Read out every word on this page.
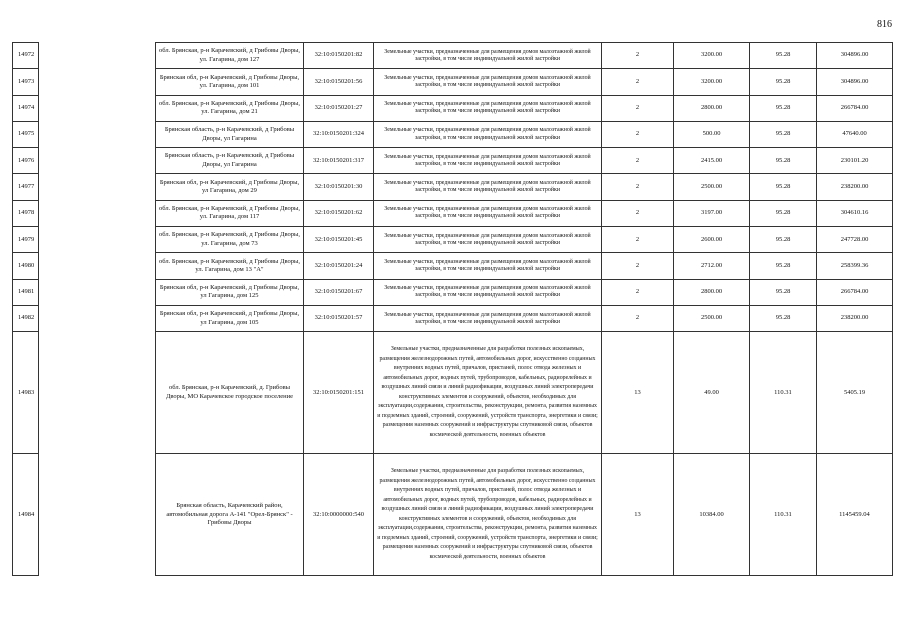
816
14972		обл. Брянская, р-н Карачевский, д Грибовы Дворы, ул. Гагарина, дом 127	32:10:0150201:82	Земельные участки, предназначенные для размещения домов малоэтажной жилой застройки, в том числе индивидуальной жилой застройки	2	3200.00	95.28	304896.00
14973		Брянская обл, р-н Карачевский, д Грибовы Дворы, ул. Гагарина, дом 101	32:10:0150201:56	Земельные участки, предназначенные для размещения домов малоэтажной жилой застройки, в том числе индивидуальной жилой застройки	2	3200.00	95.28	304896.00
14974		обл. Брянская, р-н Карачевский, д Грибовы Дворы, ул. Гагарина, дом 21	32:10:0150201:27	Земельные участки, предназначенные для размещения домов малоэтажной жилой застройки, в том числе индивидуальной жилой застройки	2	2800.00	95.28	266784.00
14975		Брянская область, р-н Карачевский, д Грибовы Дворы, ул Гагарина	32:10:0150201:324	Земельные участки, предназначенные для размещения домов малоэтажной жилой застройки, в том числе индивидуальной жилой застройки	2	500.00	95.28	47640.00
14976		Брянская область, р-н Карачевский, д Грибовы Дворы, ул Гагарина	32:10:0150201:317	Земельные участки, предназначенные для размещения домов малоэтажной жилой застройки, в том числе индивидуальной жилой застройки	2	2415.00	95.28	230101.20
14977		Брянская обл, р-н Карачевский, д Грибовы Дворы, ул Гагарина, дом 29	32:10:0150201:30	Земельные участки, предназначенные для размещения домов малоэтажной жилой застройки, в том числе индивидуальной жилой застройки	2	2500.00	95.28	238200.00
14978		обл. Брянская, р-н Карачевский, д Грибовы Дворы, ул. Гагарина, дом 117	32:10:0150201:62	Земельные участки, предназначенные для размещения домов малоэтажной жилой застройки, в том числе индивидуальной жилой застройки	2	3197.00	95.28	304610.16
14979		обл. Брянская, р-н Карачевский, д Грибовы Дворы, ул. Гагарина, дом 73	32:10:0150201:45	Земельные участки, предназначенные для размещения домов малоэтажной жилой застройки, в том числе индивидуальной жилой застройки	2	2600.00	95.28	247728.00
14980		обл. Брянская, р-н Карачевский, д Грибовы Дворы, ул. Гагарина, дом 13 "А"	32:10:0150201:24	Земельные участки, предназначенные для размещения домов малоэтажной жилой застройки, в том числе индивидуальной жилой застройки	2	2712.00	95.28	258399.36
14981		Брянская обл, р-н Карачевский, д Грибовы Дворы, ул Гагарина, дом 125	32:10:0150201:67	Земельные участки, предназначенные для размещения домов малоэтажной жилой застройки, в том числе индивидуальной жилой застройки	2	2800.00	95.28	266784.00
14982		Брянская обл, р-н Карачевский, д Грибовы Дворы, ул Гагарина, дом 105	32:10:0150201:57	Земельные участки, предназначенные для размещения домов малоэтажной жилой застройки, в том числе индивидуальной жилой застройки	2	2500.00	95.28	238200.00
14983		обл. Брянская, р-н Карачевский, д. Грибовы Дворы, МО Карачевское городское поселение	32:10:0150201:151	Земельные участки, предназначенные для разработки полезных ископаемых, размещения железнодорожных путей, автомобильных дорог, искусственно созданных внутренних водных путей, причалов, пристаней, полос отвода железных и автомобильных дорог, водных путей, трубопроводов, кабельных, радиорелейных и воздушных линий связи и линий радиофикации, воздушных линий электропередачи конструктивных элементов и сооружений, объектов, необходимых для эксплуатации,содержания, строительства, реконструкции, ремонта, развития наземных и подземных зданий, строений, сооружений, устройств транспорта, энергетики и связи; размещения наземных сооружений и инфраструктуры спутниковой связи, объектов космической деятельности, военных объектов	13	49.00	110.31	5405.19
14984		Брянская область, Карачевский район, автомобильная дорога А-141 "Орел-Брянск" - Грибовы Дворы	32:10:0000000:540	Земельные участки, предназначенные для разработки полезных ископаемых, размещения железнодорожных путей, автомобильных дорог, искусственно созданных внутренних водных путей, причалов, пристаней, полос отвода железных и автомобильных дорог, водных путей, трубопроводов, кабельных, радиорелейных и воздушных линий связи и линий радиофикации, воздушных линий электропередачи конструктивных элементов и сооружений, объектов, необходимых для эксплуатации,содержания, строительства, реконструкции, ремонта, развития наземных и подземных зданий, строений, сооружений, устройств транспорта, энергетики и связи; размещения наземных сооружений и инфраструктуры спутниковой связи, объектов космической деятельности, военных объектов	13	10384.00	110.31	1145459.04
